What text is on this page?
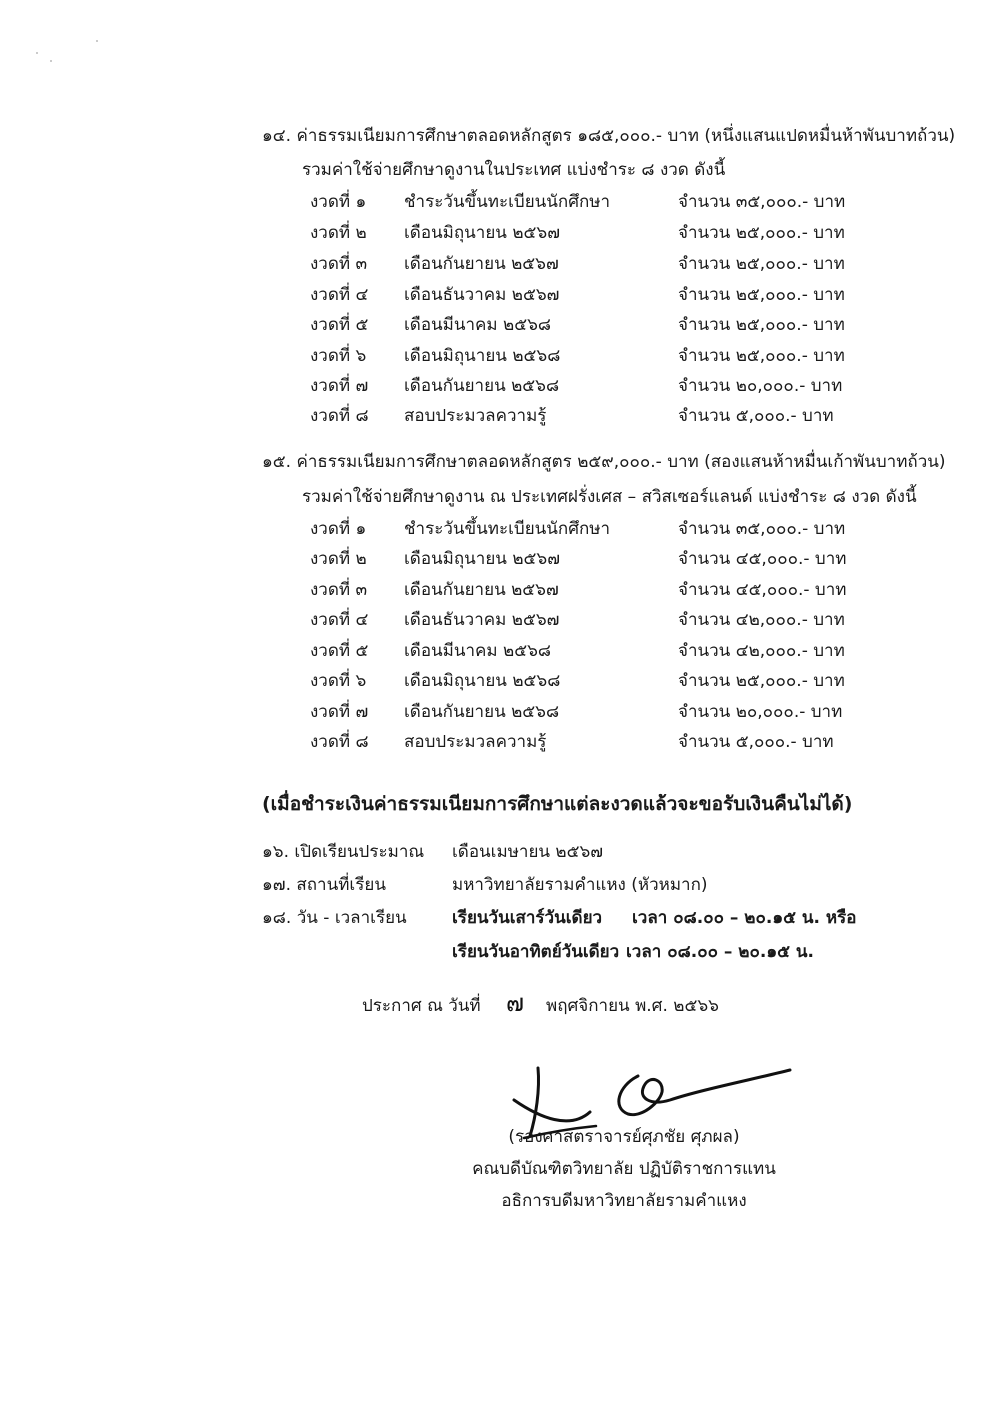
๑๔. ค่าธรรมเนียมการศึกษาตลอดหลักสูตร ๑๘๕,๐๐๐.- บาท (หนึ่งแสนแปดหมื่นห้าพันบาทถ้วน)
รวมค่าใช้จ่ายศึกษาดูงานในประเทศ แบ่งชำระ ๘ งวด ดังนี้
งวดที่ ๑ ชำระวันขึ้นทะเบียนนักศึกษา	จำนวน ๓๕,๐๐๐.- บาท
งวดที่ ๒ เดือนมิถุนายน ๒๕๖๗	จำนวน ๒๕,๐๐๐.- บาท
งวดที่ ๓ เดือนกันยายน ๒๕๖๗	จำนวน ๒๕,๐๐๐.- บาท
งวดที่ ๔ เดือนธันวาคม ๒๕๖๗	จำนวน ๒๕,๐๐๐.- บาท
งวดที่ ๕ เดือนมีนาคม ๒๕๖๘	จำนวน ๒๕,๐๐๐.- บาท
งวดที่ ๖ เดือนมิถุนายน ๒๕๖๘	จำนวน ๒๕,๐๐๐.- บาท
งวดที่ ๗ เดือนกันยายน ๒๕๖๘	จำนวน ๒๐,๐๐๐.- บาท
งวดที่ ๘ สอบประมวลความรู้	จำนวน ๕,๐๐๐.- บาท
๑๕. ค่าธรรมเนียมการศึกษาตลอดหลักสูตร ๒๕๙,๐๐๐.- บาท (สองแสนห้าหมื่นเก้าพันบาทถ้วน)
รวมค่าใช้จ่ายศึกษาดูงาน ณ ประเทศฝรั่งเศส – สวิสเซอร์แลนด์ แบ่งชำระ ๘ งวด ดังนี้
งวดที่ ๑ ชำระวันขึ้นทะเบียนนักศึกษา	จำนวน ๓๕,๐๐๐.- บาท
งวดที่ ๒ เดือนมิถุนายน ๒๕๖๗	จำนวน ๔๕,๐๐๐.- บาท
งวดที่ ๓ เดือนกันยายน ๒๕๖๗	จำนวน ๔๕,๐๐๐.- บาท
งวดที่ ๔ เดือนธันวาคม ๒๕๖๗	จำนวน ๔๒,๐๐๐.- บาท
งวดที่ ๕ เดือนมีนาคม ๒๕๖๘	จำนวน ๔๒,๐๐๐.- บาท
งวดที่ ๖ เดือนมิถุนายน ๒๕๖๘	จำนวน ๒๕,๐๐๐.- บาท
งวดที่ ๗ เดือนกันยายน ๒๕๖๘	จำนวน ๒๐,๐๐๐.- บาท
งวดที่ ๘ สอบประมวลความรู้	จำนวน ๕,๐๐๐.- บาท
(เมื่อชำระเงินค่าธรรมเนียมการศึกษาแต่ละงวดแล้วจะขอรับเงินคืนไม่ได้)
๑๖. เปิดเรียนประมาณ เดือนเมษายน ๒๕๖๗
๑๗. สถานที่เรียน	มหาวิทยาลัยรามคำแหง (หัวหมาก)
๑๘. วัน - เวลาเรียน	เรียนวันเสาร์วันเดียว เวลา ๐๘.๐๐ – ๒๐.๑๕ น. หรือ
เรียนวันอาทิตย์วันเดียว เวลา ๐๘.๐๐ – ๒๐.๑๕ น.
ประกาศ ณ วันที่ ๗ พฤศจิกายน พ.ศ. ๒๕๖๖
(รองศาสตราจารย์ศุภชัย ศุภผล)
คณบดีบัณฑิตวิทยาลัย ปฏิบัติราชการแทน
อธิการบดีมหาวิทยาลัยรามคำแหง
